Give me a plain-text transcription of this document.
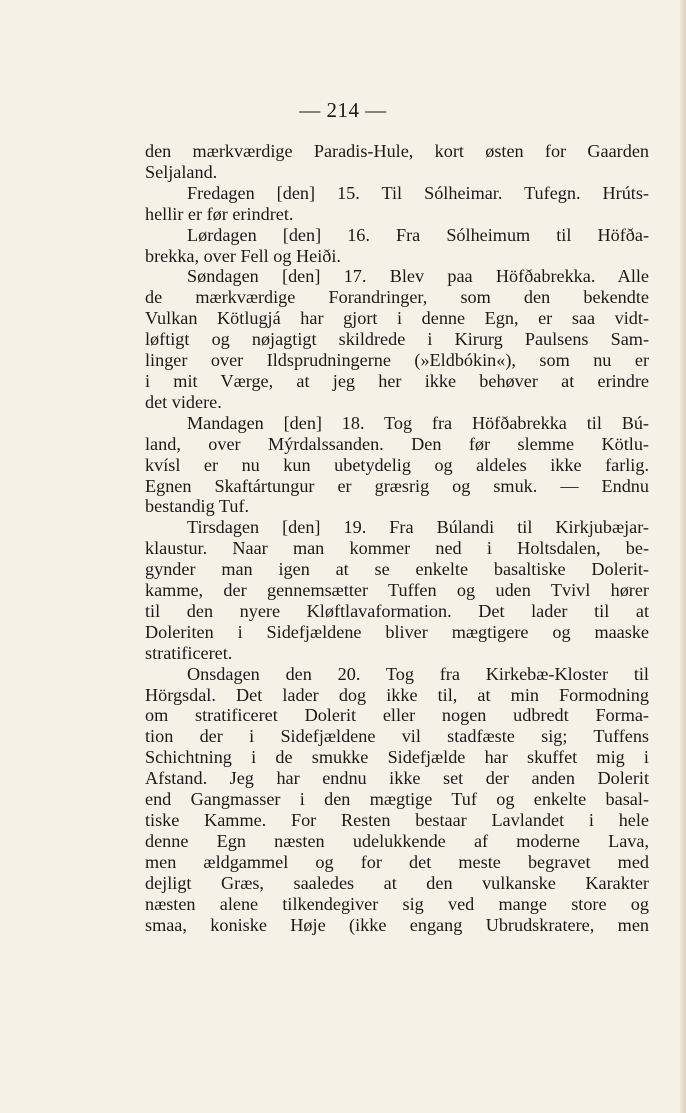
— 214 —
den mærkværdige Paradis-Hule, kort østen for Gaarden
Seljaland.
Fredagen [den] 15. Til Sólheimar. Tufegn. Hrúts-
hellir er før erindret.
Lørdagen [den] 16. Fra Sólheimum til Höfða-
brekka, over Fell og Heiði.
Søndagen [den] 17. Blev paa Höfðabrekka. Alle
de mærkværdige Forandringer, som den bekendte
Vulkan Kötlugjá har gjort i denne Egn, er saa vidt-
løftigt og nøjagtigt skildrede i Kirurg Paulsens Sam-
linger over Ildsprudningerne (»Eldbókin«), som nu er
i mit Værge, at jeg her ikke behøver at erindre
det videre.
Mandagen [den] 18. Tog fra Höfðabrekka til Bú-
land, over Mýrdalssanden. Den før slemme Kötlu-
kvísl er nu kun ubetydelig og aldeles ikke farlig.
Egnen Skaftártungur er græsrig og smuk. — Endnu
bestandig Tuf.
Tirsdagen [den] 19. Fra Búlandi til Kirkjubæjar-
klaustur. Naar man kommer ned i Holtsdalen, be-
gynder man igen at se enkelte basaltiske Dolerit-
kamme, der gennemsætter Tuffen og uden Tvivl hører
til den nyere Kløftlavaformation. Det lader til at
Doleriten i Sidefjældene bliver mægtigere og maaske
stratificeret.
Onsdagen den 20. Tog fra Kirkebæ-Kloster til
Hörgsdal. Det lader dog ikke til, at min Formodning
om stratificeret Dolerit eller nogen udbredt Forma-
tion der i Sidefjældene vil stadfæste sig; Tuffens
Schichtning i de smukke Sidefjælde har skuffet mig i
Afstand. Jeg har endnu ikke set der anden Dolerit
end Gangmasser i den mægtige Tuf og enkelte basal-
tiske Kamme. For Resten bestaar Lavlandet i hele
denne Egn næsten udelukkende af moderne Lava,
men ældgammel og for det meste begravet med
dejligt Græs, saaledes at den vulkanske Karakter
næsten alene tilkendegiver sig ved mange store og
smaa, koniske Høje (ikke engang Ubrudskratere, men
